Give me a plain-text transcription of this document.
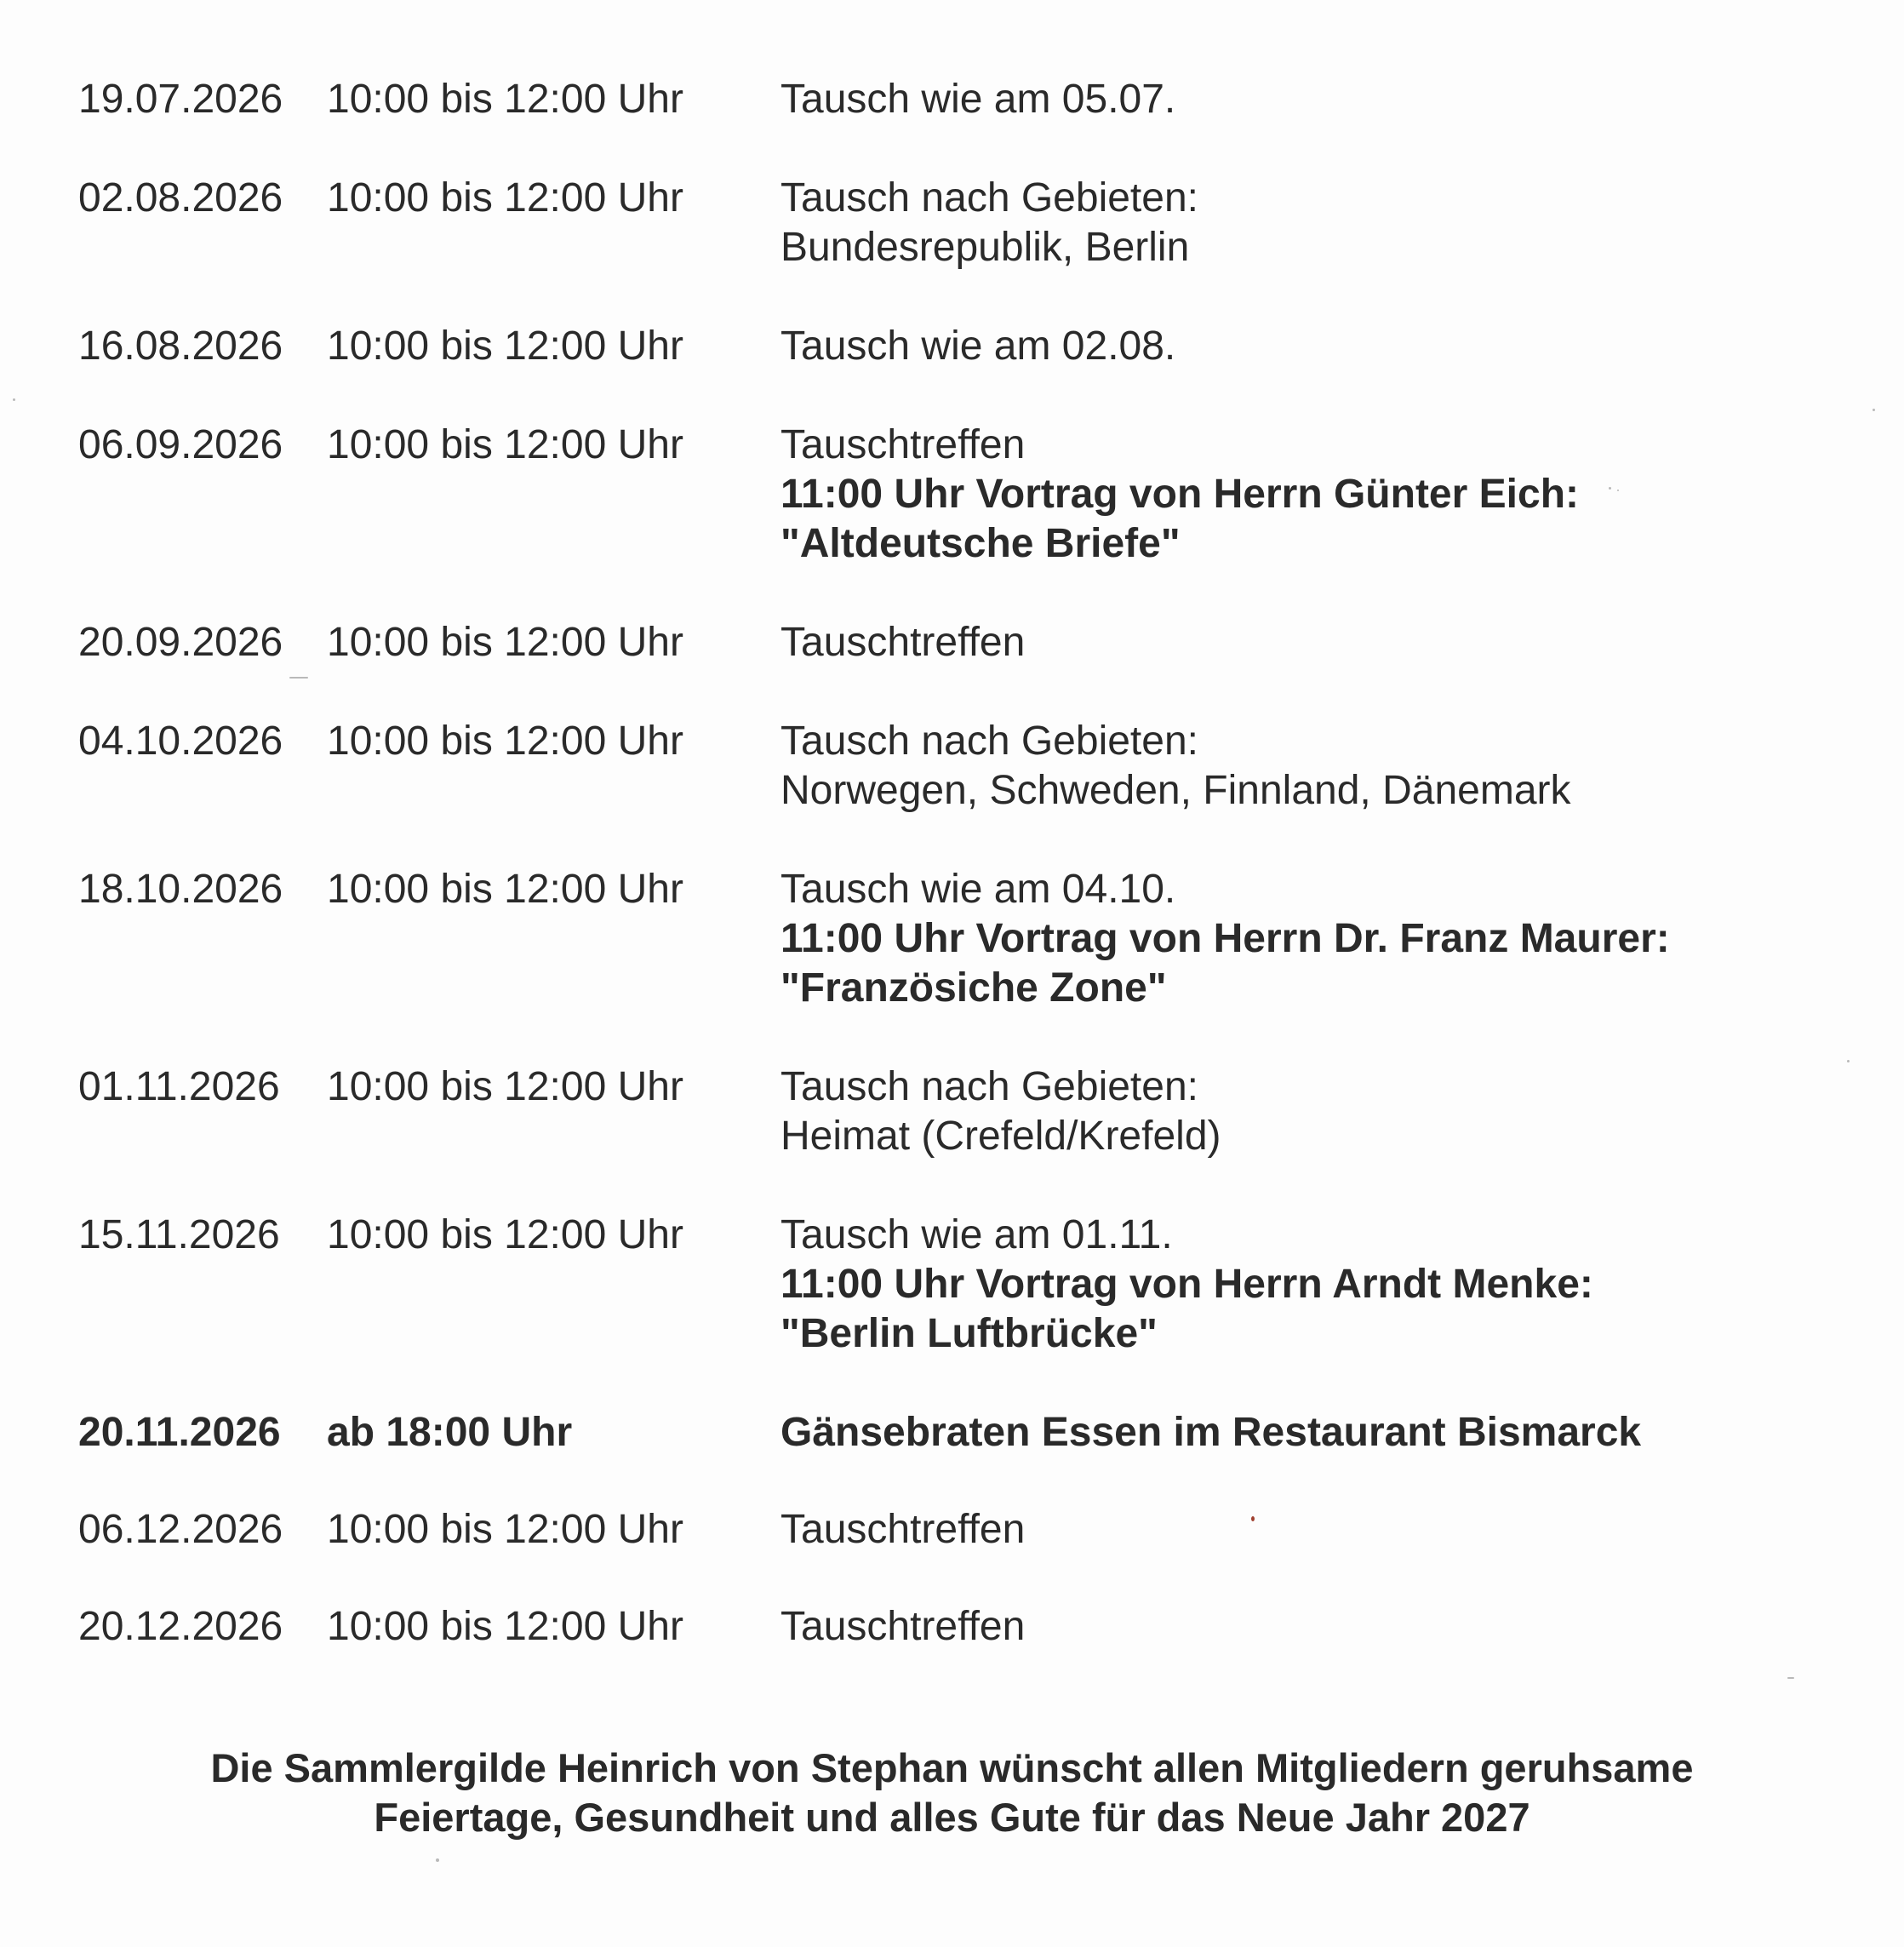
19.07.2026	10:00 bis 12:00 Uhr	Tausch wie am 05.07.
02.08.2026	10:00 bis 12:00 Uhr	Tausch nach Gebieten:
Bundesrepublik, Berlin
16.08.2026	10:00 bis 12:00 Uhr	Tausch wie am 02.08.
06.09.2026	10:00 bis 12:00 Uhr	Tauschtreffen
11:00 Uhr Vortrag von Herrn Günter Eich:
"Altdeutsche Briefe"
20.09.2026	10:00 bis 12:00 Uhr	Tauschtreffen
04.10.2026	10:00 bis 12:00 Uhr	Tausch nach Gebieten:
Norwegen, Schweden, Finnland, Dänemark
18.10.2026	10:00 bis 12:00 Uhr	Tausch wie am 04.10.
11:00 Uhr Vortrag von Herrn Dr. Franz Maurer:
"Französiche Zone"
01.11.2026	10:00 bis 12:00 Uhr	Tausch nach Gebieten:
Heimat (Crefeld/Krefeld)
15.11.2026	10:00 bis 12:00 Uhr	Tausch wie am 01.11.
11:00 Uhr Vortrag von Herrn Arndt Menke:
"Berlin Luftbrücke"
20.11.2026	ab 18:00 Uhr	Gänsebraten Essen im Restaurant Bismarck
06.12.2026	10:00 bis 12:00 Uhr	Tauschtreffen
20.12.2026	10:00 bis 12:00 Uhr	Tauschtreffen
Die Sammlergilde Heinrich von Stephan wünscht allen Mitgliedern geruhsame
Feiertage, Gesundheit und alles Gute für das Neue Jahr 2027
